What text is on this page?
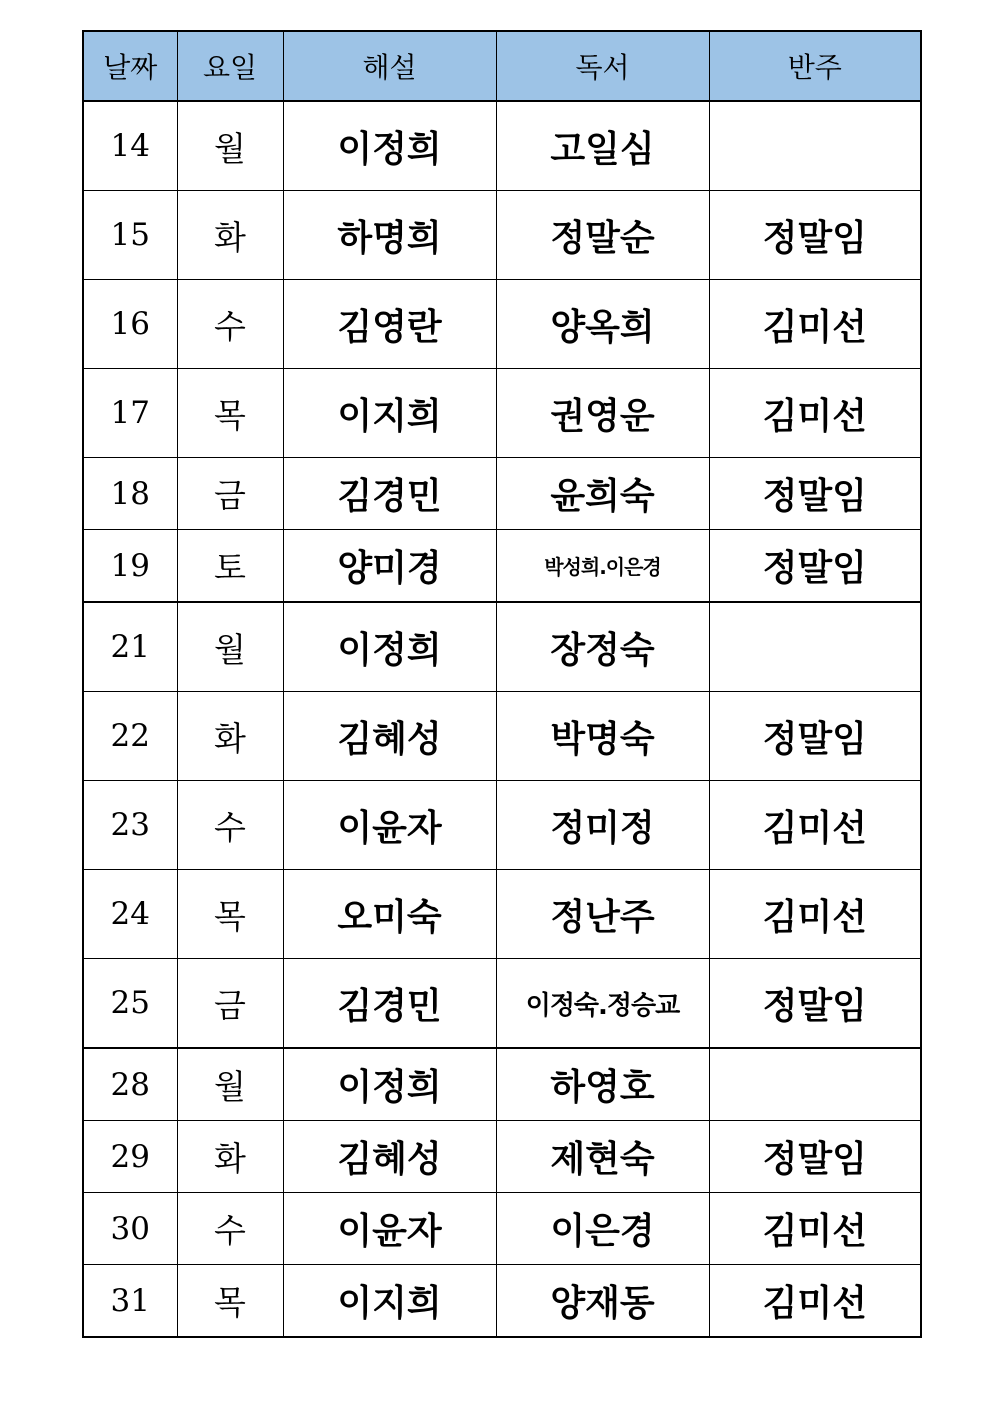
날짜	요일	해설	독서	반주
14	월	이정희	고일심	
15	화	하명희	정말순	정말임
16	수	김영란	양옥희	김미선
17	목	이지희	권영운	김미선
18	금	김경민	윤희숙	정말임
19	토	양미경	박성희.이은경	정말임
21	월	이정희	장정숙	
22	화	김혜성	박명숙	정말임
23	수	이윤자	정미정	김미선
24	목	오미숙	정난주	김미선
25	금	김경민	이정숙.정승교	정말임
28	월	이정희	하영호	
29	화	김혜성	제현숙	정말임
30	수	이윤자	이은경	김미선
31	목	이지희	양재동	김미선
